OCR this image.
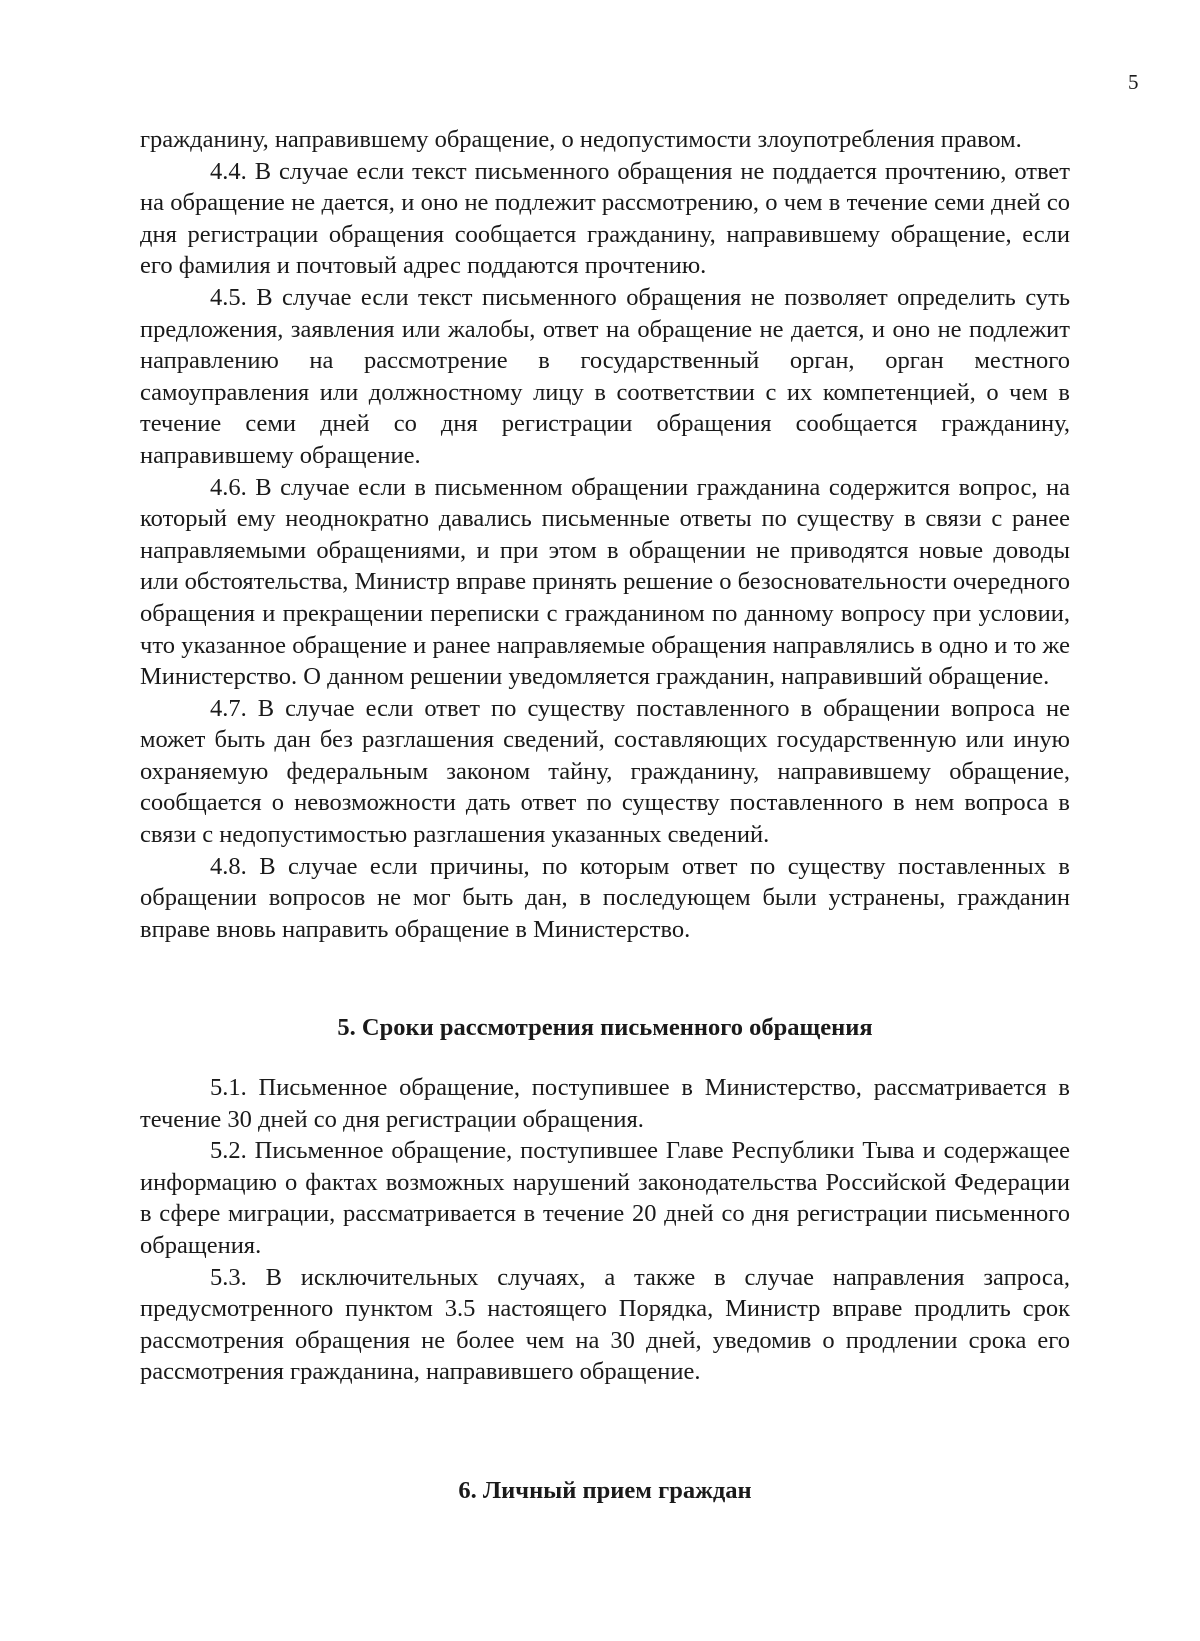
5

гражданину, направившему обращение, о недопустимости злоупотребления правом.

4.4. В случае если текст письменного обращения не поддается прочтению, ответ на обращение не дается, и оно не подлежит рассмотрению, о чем в течение семи дней со дня регистрации обращения сообщается гражданину, направившему обращение, если его фамилия и почтовый адрес поддаются прочтению.

4.5. В случае если текст письменного обращения не позволяет определить суть предложения, заявления или жалобы, ответ на обращение не дается, и оно не подлежит направлению на рассмотрение в государственный орган, орган местного самоуправления или должностному лицу в соответствии с их компетенцией, о чем в течение семи дней со дня регистрации обращения сообщается гражданину, направившему обращение.

4.6. В случае если в письменном обращении гражданина содержится вопрос, на который ему неоднократно давались письменные ответы по существу в связи с ранее направляемыми обращениями, и при этом в обращении не приводятся новые доводы или обстоятельства, Министр вправе принять решение о безосновательности очередного обращения и прекращении переписки с гражданином по данному вопросу при условии, что указанное обращение и ранее направляемые обращения направлялись в одно и то же Министерство. О данном решении уведомляется гражданин, направивший обращение.

4.7. В случае если ответ по существу поставленного в обращении вопроса не может быть дан без разглашения сведений, составляющих государственную или иную охраняемую федеральным законом тайну, гражданину, направившему обращение, сообщается о невозможности дать ответ по существу поставленного в нем вопроса в связи с недопустимостью разглашения указанных сведений.

4.8. В случае если причины, по которым ответ по существу поставленных в обращении вопросов не мог быть дан, в последующем были устранены, гражданин вправе вновь направить обращение в Министерство.

5. Сроки рассмотрения письменного обращения

5.1. Письменное обращение, поступившее в Министерство, рассматривается в течение 30 дней со дня регистрации обращения.

5.2. Письменное обращение, поступившее Главе Республики Тыва и содержащее информацию о фактах возможных нарушений законодательства Российской Федерации в сфере миграции, рассматривается в течение 20 дней со дня регистрации письменного обращения.

5.3. В исключительных случаях, а также в случае направления запроса, предусмотренного пунктом 3.5 настоящего Порядка, Министр вправе продлить срок рассмотрения обращения не более чем на 30 дней, уведомив о продлении срока его рассмотрения гражданина, направившего обращение.

6. Личный прием граждан
